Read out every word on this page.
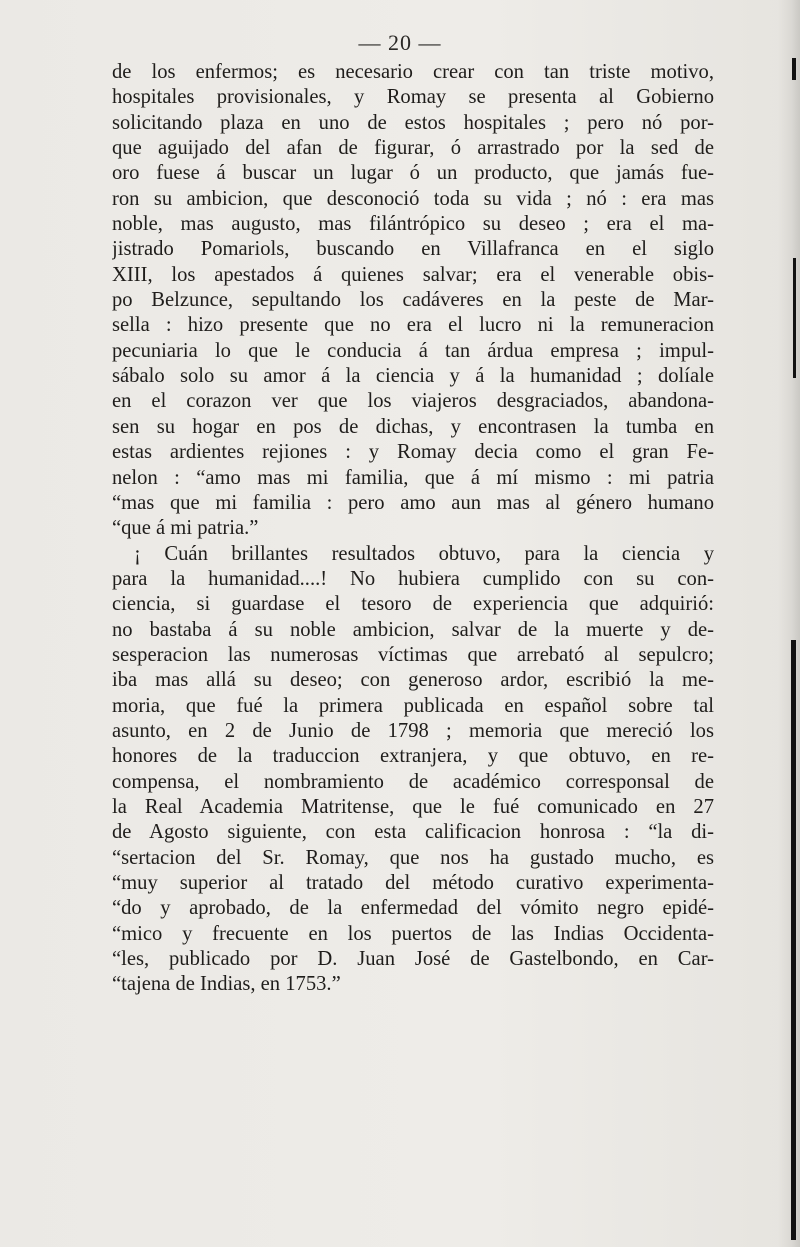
— 20 —
de los enfermos; es necesario crear con tan triste motivo,
hospitales provisionales, y Romay se presenta al Gobierno
solicitando plaza en uno de estos hospitales ; pero nó por-
que aguijado del afan de figurar, ó arrastrado por la sed de
oro fuese á buscar un lugar ó un producto, que jamás fue-
ron su ambicion, que desconoció toda su vida ; nó : era mas
noble, mas augusto, mas filántrópico su deseo ; era el ma-
jistrado Pomariols, buscando en Villafranca en el siglo
XIII, los apestados á quienes salvar; era el venerable obis-
po Belzunce, sepultando los cadáveres en la peste de Mar-
sella : hizo presente que no era el lucro ni la remuneracion
pecuniaria lo que le conducia á tan árdua empresa ; impul-
sábalo solo su amor á la ciencia y á la humanidad ; dolíale
en el corazon ver que los viajeros desgraciados, abandona-
sen su hogar en pos de dichas, y encontrasen la tumba en
estas ardientes rejiones : y Romay decia como el gran Fe-
nelon : “amo mas mi familia, que á mí mismo : mi patria
“mas que mi familia : pero amo aun mas al género humano
“que á mi patria.”
¡ Cuán brillantes resultados obtuvo, para la ciencia y
para la humanidad....! No hubiera cumplido con su con-
ciencia, si guardase el tesoro de experiencia que adquirió:
no bastaba á su noble ambicion, salvar de la muerte y de-
sesperacion las numerosas víctimas que arrebató al sepulcro;
iba mas allá su deseo; con generoso ardor, escribió la me-
moria, que fué la primera publicada en español sobre tal
asunto, en 2 de Junio de 1798 ; memoria que mereció los
honores de la traduccion extranjera, y que obtuvo, en re-
compensa, el nombramiento de académico corresponsal de
la Real Academia Matritense, que le fué comunicado en 27
de Agosto siguiente, con esta calificacion honrosa : “la di-
“sertacion del Sr. Romay, que nos ha gustado mucho, es
“muy superior al tratado del método curativo experimenta-
“do y aprobado, de la enfermedad del vómito negro epidé-
“mico y frecuente en los puertos de las Indias Occidenta-
“les, publicado por D. Juan José de Gastelbondo, en Car-
“tajena de Indias, en 1753.”
